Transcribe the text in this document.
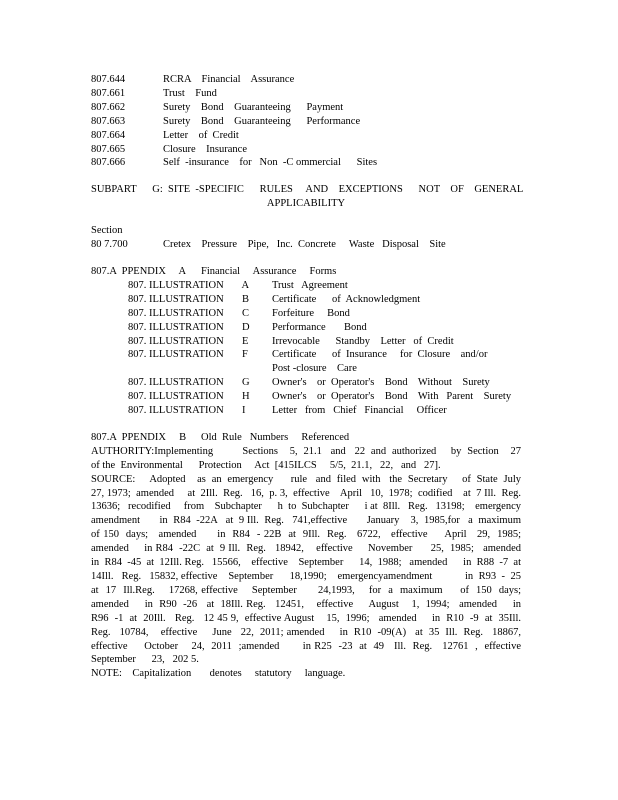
807.644	RCRA    Financial    Assurance
807.661	Trust    Fund
807.662	Surety    Bond    Guaranteeing      Payment
807.663	Surety    Bond    Guaranteeing      Performance
807.664	Letter    of  Credit
807.665	Closure    Insurance
807.666	Self  -insurance    for   Non  -C ommercial      Sites
SUBPART      G:  SITE  -SPECIFIC      RULES     AND    EXCEPTIONS      NOT    OF    GENERAL
APPLICABILITY
Section
80 7.700	Cretex    Pressure    Pipe,   Inc.  Concrete     Waste   Disposal    Site
807.A  PPENDIX     A	Financial     Assurance     Forms
807. ILLUSTRATION       A	Trust   Agreement
807. ILLUSTRATION       B	Certificate      of  Acknowledgment
807. ILLUSTRATION       C	Forfeiture     Bond
807. ILLUSTRATION       D	Performance       Bond
807. ILLUSTRATION       E	Irrevocable      Standby    Letter   of  Credit
807. ILLUSTRATION       F	Certificate      of  Insurance     for  Closure    and/or   Post -closure    Care
807. ILLUSTRATION       G	Owner's    or  Operator's    Bond    Without    Surety
807. ILLUSTRATION       H	Owner's    or  Operator's    Bond    With   Parent    Surety
807. ILLUSTRATION       I	Letter   from   Chief   Financial     Officer
807.A  PPENDIX     B	Old  Rule   Numbers     Referenced

AUTHORITY:Implementing          Sections    5,  21.1   and   22  and  authorized     by  Section    27  of the  Environmental      Protection     Act  [415ILCS     5/5,  21.1,   22,   and   27].

SOURCE:     Adopted    as  an  emergency      rule   and  filed  with   the  Secretary     of  State  July   27, 1973;  amended     at  2Ill.  Reg.   16,  p. 3,  effective    April   10,  1978;  codified    at  7 Ill.  Reg. 13636;   recodified     from    Subchapter      h  to  Subchapter      i at  8Ill.   Reg.   13198;    emergency amendment       in  R84  -22A   at  9 Ill.  Reg.   741,effective       January    3,  1985,for   a  maximum      of 150  days;   amended      in  R84  - 22B  at  9Ill.  Reg.   6722,   effective     April   29,  1985;   amended     in R84  -22C  at  9 Ill.  Reg.   18942,    effective     November      25,  1985;   amended     in  R84  -45  at  12Ill. Reg.   15566,    effective    September      14,  1988;   amended      in  R88  -7  at  14Ill.   Reg.   15832, effective    September      18,1990;    emergencyamendment            in  R93  -  25  at  17  Ill.Reg.    17268, effective    September      24,1993,    for  a  maximum     of  150  days;   amended     in  R90  -26   at  18Ill. Reg.   12451,    effective     August    1,  1994;   amended     in  R96  -1  at  20Ill.   Reg.   12 45 9,  effective August    15,  1996;   amended     in  R10  -9  at  35Ill.   Reg.   10784,    effective     June   22,  2011; amended     in  R10  -09(A)   at  35  Ill.  Reg.   18867,    effective     October    24,  2011  ;amended       in R25  -23  at  49   Ill.  Reg.   12761  ,  effective    September      23,   202 5.

NOTE:    Capitalization       denotes     statutory     language.
